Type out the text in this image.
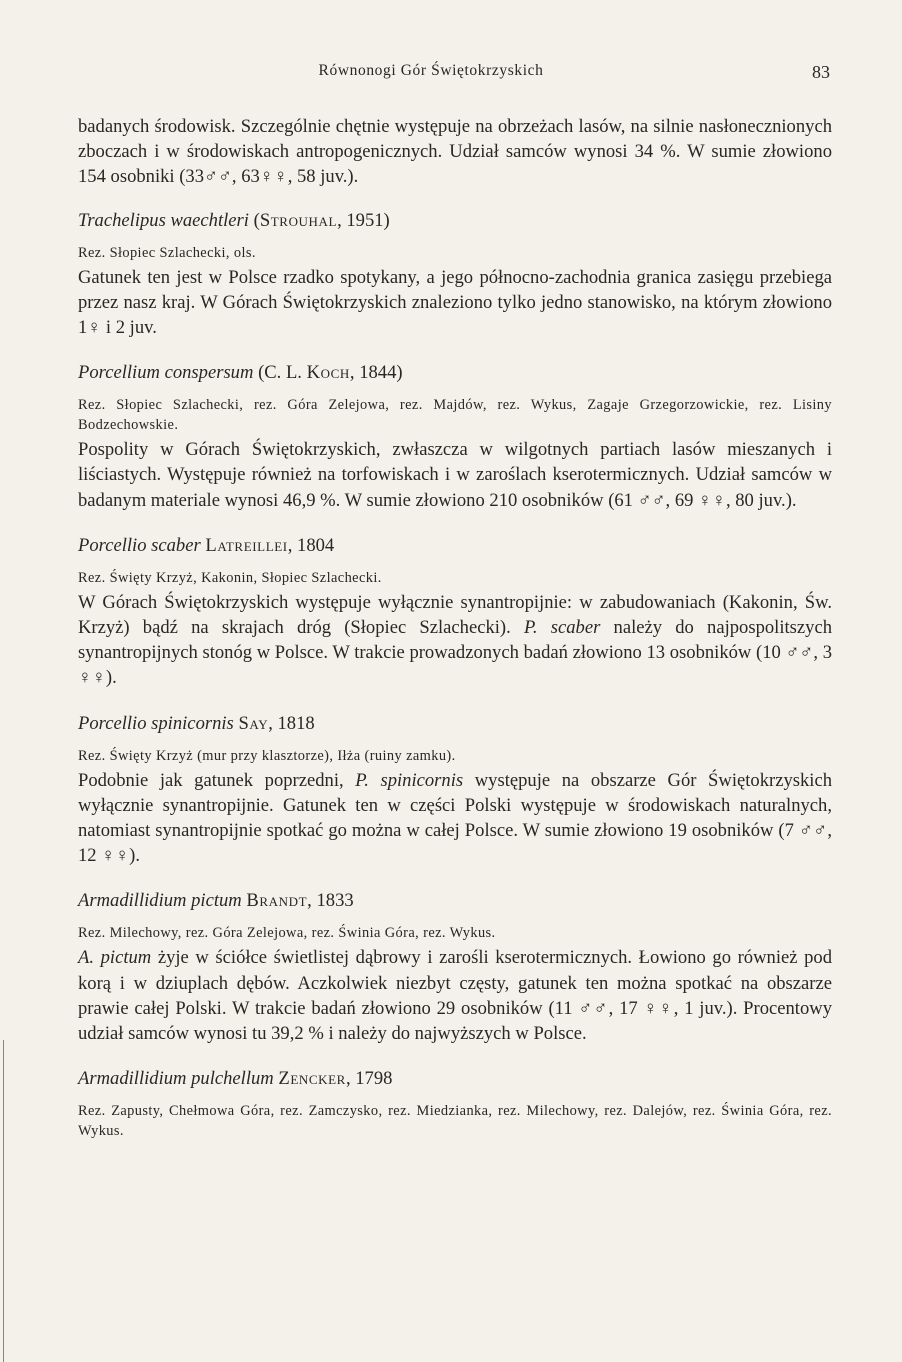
Równonogi Gór Świętokrzyskich	83

badanych środowisk. Szczególnie chętnie występuje na obrzeżach lasów, na silnie nasłonecznionych zboczach i w środowiskach antropogenicznych. Udział samców wynosi 34 %. W sumie złowiono 154 osobniki (33♂♂, 63♀♀, 58 juv.).

Trachelipus waechtleri (Strouhal, 1951)

Rez. Słopiec Szlachecki, ols.

Gatunek ten jest w Polsce rzadko spotykany, a jego północno-zachodnia granica zasięgu przebiega przez nasz kraj. W Górach Świętokrzyskich znaleziono tylko jedno stanowisko, na którym złowiono 1♀ i 2 juv.

Porcellium conspersum (C. L. Koch, 1844)

Rez. Słopiec Szlachecki, rez. Góra Zelejowa, rez. Majdów, rez. Wykus, Zagaje Grzegorzowickie, rez. Lisiny Bodzechowskie.

Pospolity w Górach Świętokrzyskich, zwłaszcza w wilgotnych partiach lasów mieszanych i liściastych. Występuje również na torfowiskach i w zaroślach kserotermicznych. Udział samców w badanym materiale wynosi 46,9 %. W sumie złowiono 210 osobników (61 ♂♂, 69 ♀♀, 80 juv.).

Porcellio scaber Latreillei, 1804

Rez. Święty Krzyż, Kakonin, Słopiec Szlachecki.

W Górach Świętokrzyskich występuje wyłącznie synantropijnie: w zabudowaniach (Kakonin, Św. Krzyż) bądź na skrajach dróg (Słopiec Szlachecki). P. scaber należy do najpospolitszych synantropijnych stonóg w Polsce. W trakcie prowadzonych badań złowiono 13 osobników (10 ♂♂, 3 ♀♀).

Porcellio spinicornis Say, 1818

Rez. Święty Krzyż (mur przy klasztorze), Iłża (ruiny zamku).

Podobnie jak gatunek poprzedni, P. spinicornis występuje na obszarze Gór Świętokrzyskich wyłącznie synantropijnie. Gatunek ten w części Polski występuje w środowiskach naturalnych, natomiast synantropijnie spotkać go można w całej Polsce. W sumie złowiono 19 osobników (7 ♂♂, 12 ♀♀).

Armadillidium pictum Brandt, 1833

Rez. Milechowy, rez. Góra Zelejowa, rez. Świnia Góra, rez. Wykus.

A. pictum żyje w ściółce świetlistej dąbrowy i zarośli kserotermicznych. Łowiono go również pod korą i w dziuplach dębów. Aczkolwiek niezbyt częsty, gatunek ten można spotkać na obszarze prawie całej Polski. W trakcie badań złowiono 29 osobników (11 ♂♂, 17 ♀♀, 1 juv.). Procentowy udział samców wynosi tu 39,2 % i należy do najwyższych w Polsce.

Armadillidium pulchellum Zencker, 1798

Rez. Zapusty, Chełmowa Góra, rez. Zamczysko, rez. Miedzianka, rez. Milechowy, rez. Dalejów, rez. Świnia Góra, rez. Wykus.
